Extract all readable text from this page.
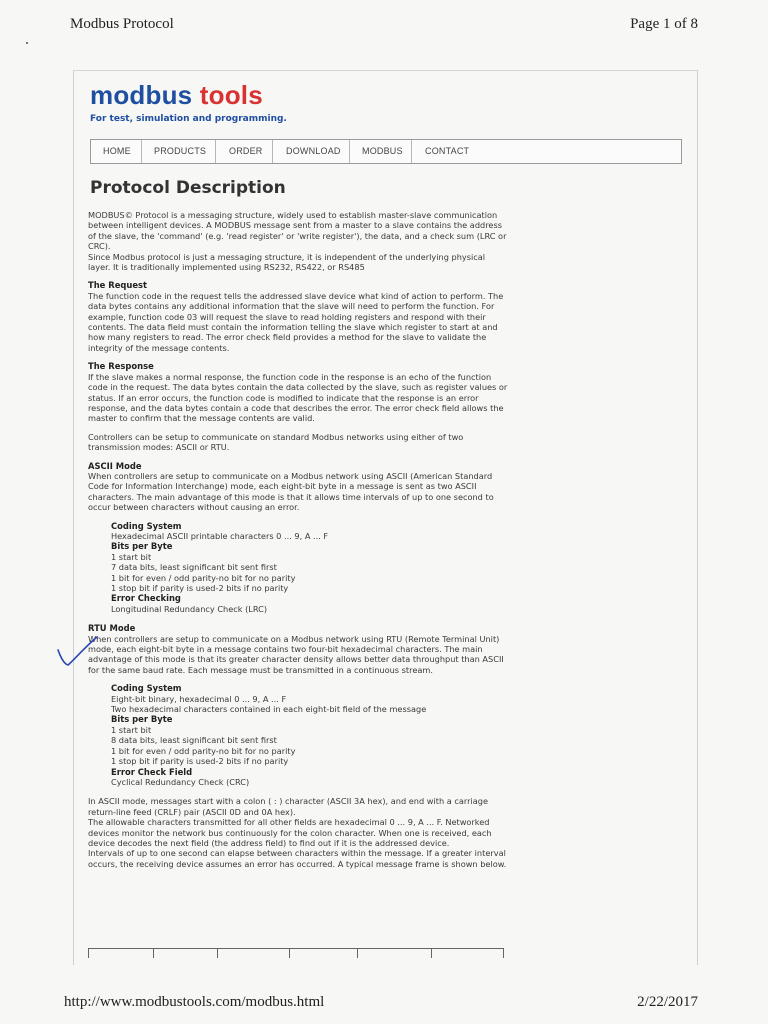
Modbus Protocol	Page 1 of 8
modbus tools
For test, simulation and programming.
HOME	PRODUCTS	ORDER	DOWNLOAD MODBUS CONTACT
Protocol Description

MODBUS© Protocol is a messaging structure, widely used to establish master-slave communication between intelligent devices. A MODBUS message sent from a master to a slave contains the address of the slave, the 'command' (e.g. 'read register' or 'write register'), the data, and a check sum (LRC or CRC).
Since Modbus protocol is just a messaging structure, it is independent of the underlying physical layer. It is traditionally implemented using RS232, RS422, or RS485

The Request

The function code in the request tells the addressed slave device what kind of action to perform. The data bytes contains any additional information that the slave will need to perform the function. For example, function code 03 will request the slave to read holding registers and respond with their contents. The data field must contain the information telling the slave which register to start at and how many registers to read. The error check field provides a method for the slave to validate the integrity of the message contents.

The Response

If the slave makes a normal response, the function code in the response is an echo of the function code in the request. The data bytes contain the data collected by the slave, such as register values or status. If an error occurs, the function code is modified to indicate that the response is an error response, and the data bytes contain a code that describes the error. The error check field allows the master to confirm that the message contents are valid.

Controllers can be setup to communicate on standard Modbus networks using either of two transmission modes: ASCII or RTU.

ASCII Mode

When controllers are setup to communicate on a Modbus network using ASCII (American Standard Code for Information Interchange) mode, each eight-bit byte in a message is sent as two ASCII characters. The main advantage of this mode is that it allows time intervals of up to one second to occur between characters without causing an error.

Coding System
Hexadecimal ASCII printable characters 0 ... 9, A ... F
Bits per Byte
1 start bit
7 data bits, least significant bit sent first
1 bit for even / odd parity-no bit for no parity
1 stop bit if parity is used-2 bits if no parity
Error Checking
Longitudinal Redundancy Check (LRC)
RTU Mode

When controllers are setup to communicate on a Modbus network using RTU (Remote Terminal Unit) mode, each eight-bit byte in a message contains two four-bit hexadecimal characters. The main advantage of this mode is that its greater character density allows better data throughput than ASCII for the same baud rate. Each message must be transmitted in a continuous stream.

Coding System
Eight-bit binary, hexadecimal 0 ... 9, A ... F
Two hexadecimal characters contained in each eight-bit field of the message
Bits per Byte
1 start bit
8 data bits, least significant bit sent first
1 bit for even / odd parity-no bit for no parity
1 stop bit if parity is used-2 bits if no parity
Error Check Field
Cyclical Redundancy Check (CRC)

In ASCII mode, messages start with a colon ( : ) character (ASCII 3A hex), and end with a carriage return-line feed (CRLF) pair (ASCII 0D and 0A hex).
The allowable characters transmitted for all other fields are hexadecimal 0 ... 9, A ... F. Networked devices monitor the network bus continuously for the colon character. When one is received, each device decodes the next field (the address field) to find out if it is the addressed device.
Intervals of up to one second can elapse between characters within the message. If a greater interval occurs, the receiving device assumes an error has occurred. A typical message frame is shown below.

http://www.modbustools.com/modbus.html	2/22/2017
